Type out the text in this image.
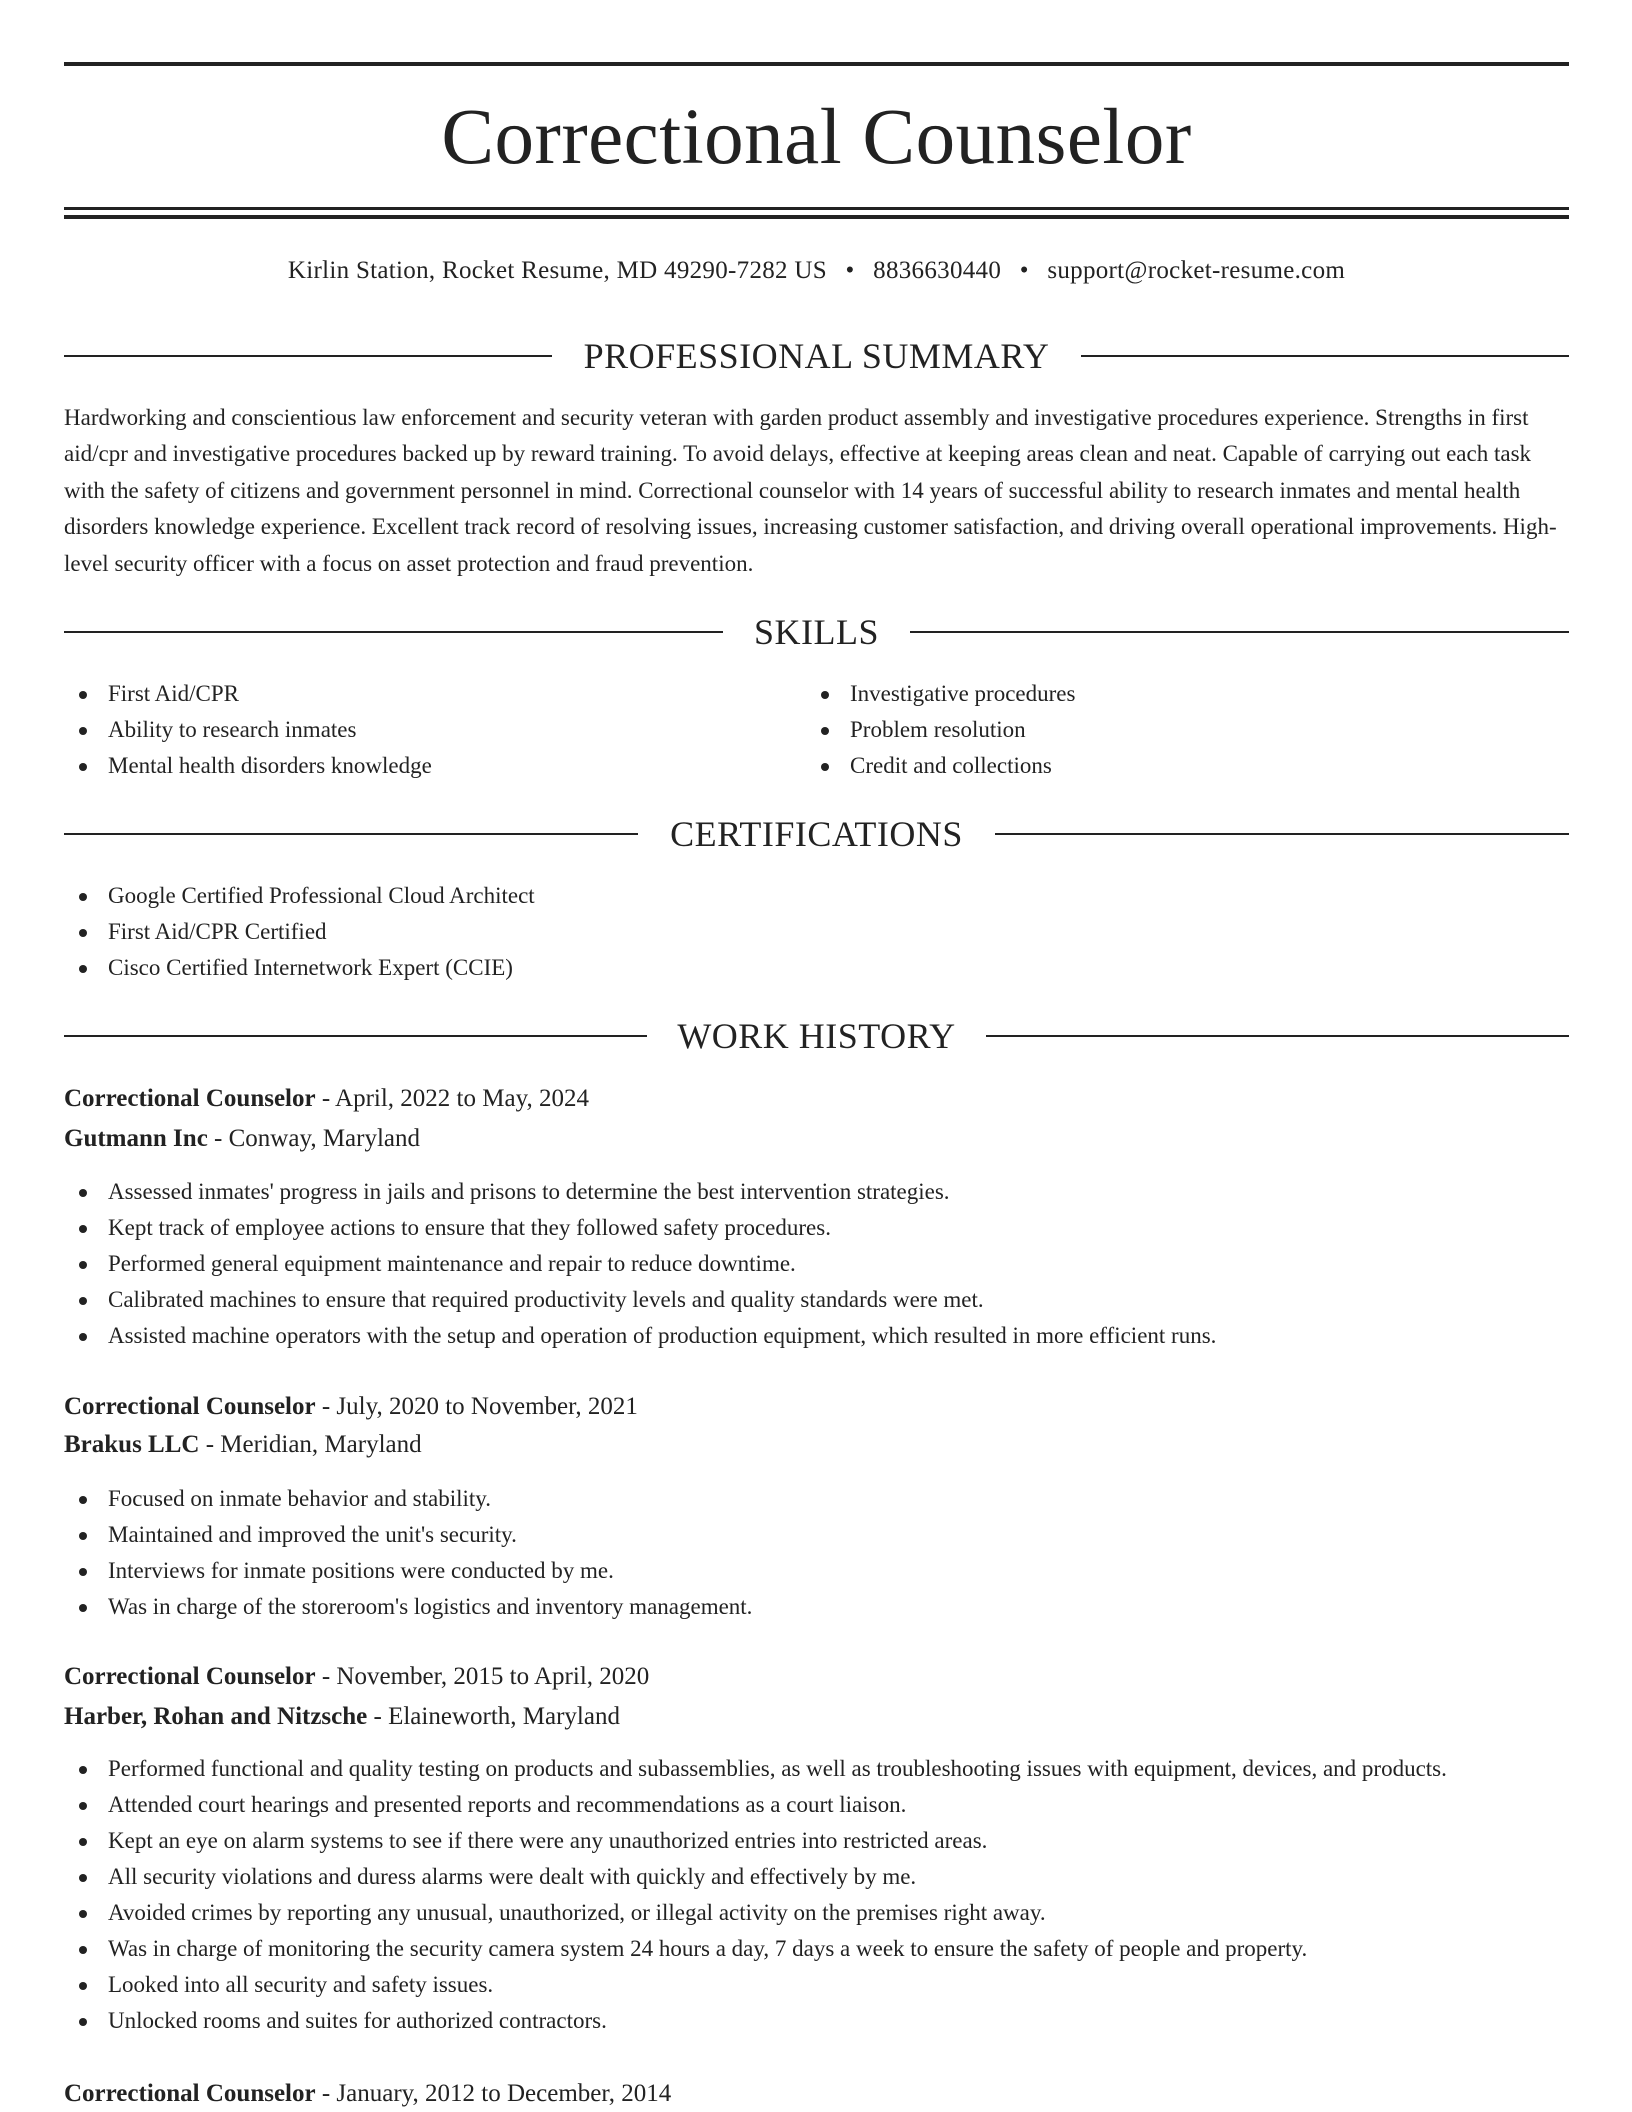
Correctional Counselor
Kirlin Station, Rocket Resume, MD 49290-7282 US • 8836630440 • support@rocket-resume.com
PROFESSIONAL SUMMARY

Hardworking and conscientious law enforcement and security veteran with garden product assembly and investigative procedures experience. Strengths in first aid/cpr and investigative procedures backed up by reward training. To avoid delays, effective at keeping areas clean and neat. Capable of carrying out each task with the safety of citizens and government personnel in mind. Correctional counselor with 14 years of successful ability to research inmates and mental health disorders knowledge experience. Excellent track record of resolving issues, increasing customer satisfaction, and driving overall operational improvements. High-level security officer with a focus on asset protection and fraud prevention.

SKILLS
First Aid/CPR
Ability to research inmates
Mental health disorders knowledge
Investigative procedures
Problem resolution
Credit and collections
CERTIFICATIONS
Google Certified Professional Cloud Architect
First Aid/CPR Certified
Cisco Certified Internetwork Expert (CCIE)
WORK HISTORY
Correctional Counselor - April, 2022 to May, 2024
Gutmann Inc - Conway, Maryland
Assessed inmates' progress in jails and prisons to determine the best intervention strategies.
Kept track of employee actions to ensure that they followed safety procedures.
Performed general equipment maintenance and repair to reduce downtime.
Calibrated machines to ensure that required productivity levels and quality standards were met.
Assisted machine operators with the setup and operation of production equipment, which resulted in more efficient runs.
Correctional Counselor - July, 2020 to November, 2021
Brakus LLC - Meridian, Maryland
Focused on inmate behavior and stability.
Maintained and improved the unit's security.
Interviews for inmate positions were conducted by me.
Was in charge of the storeroom's logistics and inventory management.
Correctional Counselor - November, 2015 to April, 2020
Harber, Rohan and Nitzsche - Elaineworth, Maryland
Performed functional and quality testing on products and subassemblies, as well as troubleshooting issues with equipment, devices, and products.
Attended court hearings and presented reports and recommendations as a court liaison.
Kept an eye on alarm systems to see if there were any unauthorized entries into restricted areas.
All security violations and duress alarms were dealt with quickly and effectively by me.
Avoided crimes by reporting any unusual, unauthorized, or illegal activity on the premises right away.
Was in charge of monitoring the security camera system 24 hours a day, 7 days a week to ensure the safety of people and property.
Looked into all security and safety issues.
Unlocked rooms and suites for authorized contractors.
Correctional Counselor - January, 2012 to December, 2014
